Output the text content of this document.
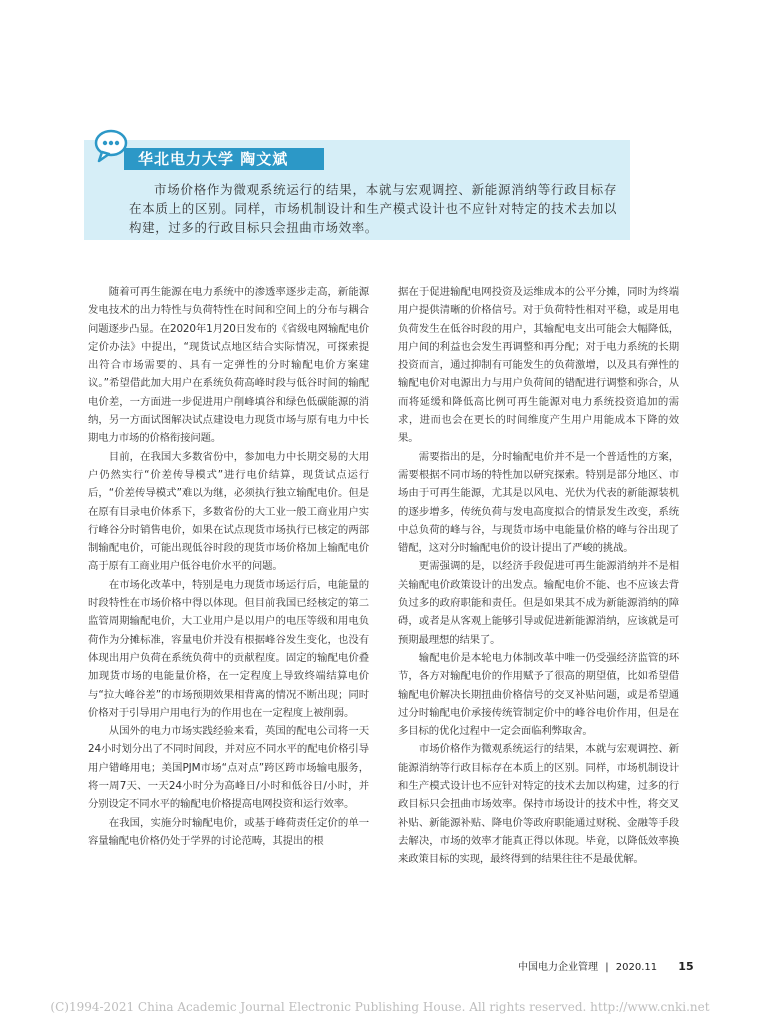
华北电力大学 陶文斌

市场价格作为微观系统运行的结果，本就与宏观调控、新能源消纳等行政目标存在本质上的区别。同样，市场机制设计和生产模式设计也不应针对特定的技术去加以构建，过多的行政目标只会扭曲市场效率。

随着可再生能源在电力系统中的渗透率逐步走高，新能源发电技术的出力特性与负荷特性在时间和空间上的分布与耦合问题逐步凸显。在2020年1月20日发布的《省级电网输配电价定价办法》中提出，“现货试点地区结合实际情况，可探索提出符合市场需要的、具有一定弹性的分时输配电价方案建议。”希望借此加大用户在系统负荷高峰时段与低谷时间的输配电价差，一方面进一步促进用户削峰填谷和绿色低碳能源的消纳，另一方面试图解决试点建设电力现货市场与原有电力中长期电力市场的价格衔接问题。

目前，在我国大多数省份中，参加电力中长期交易的大用户仍然实行“价差传导模式”进行电价结算，现货试点运行后，“价差传导模式”难以为继，必须执行独立输配电价。但是在原有目录电价体系下，多数省份的大工业一般工商业用户实行峰谷分时销售电价，如果在试点现货市场执行已核定的两部制输配电价，可能出现低谷时段的现货市场价格加上输配电价高于原有工商业用户低谷电价水平的问题。

在市场化改革中，特别是电力现货市场运行后，电能量的时段特性在市场价格中得以体现。但目前我国已经核定的第二监管周期输配电价，大工业用户是以用户的电压等级和用电负荷作为分摊标准，容量电价并没有根据峰谷发生变化，也没有体现出用户负荷在系统负荷中的贡献程度。固定的输配电价叠加现货市场的电能量价格，在一定程度上导致终端结算电价与“拉大峰谷差”的市场预期效果相背离的情况不断出现；同时价格对于引导用户用电行为的作用也在一定程度上被削弱。

从国外的电力市场实践经验来看，英国的配电公司将一天24小时划分出了不同时间段，并对应不同水平的配电价格引导用户错峰用电；美国PJM市场“点对点”跨区跨市场输电服务，将一周7天、一天24小时分为高峰日/小时和低谷日/小时，并分别设定不同水平的输配电价格提高电网投资和运行效率。

在我国，实施分时输配电价，或基于峰荷责任定价的单一容量输配电价格仍处于学界的讨论范畴，其提出的根

据在于促进输配电网投资及运维成本的公平分摊，同时为终端用户提供清晰的价格信号。对于负荷特性相对平稳，或是用电负荷发生在低谷时段的用户，其输配电支出可能会大幅降低，用户间的利益也会发生再调整和再分配；对于电力系统的长期投资而言，通过抑制有可能发生的负荷激增，以及具有弹性的输配电价对电源出力与用户负荷间的错配进行调整和弥合，从而将延缓和降低高比例可再生能源对电力系统投资追加的需求，进而也会在更长的时间维度产生用户用能成本下降的效果。

需要指出的是，分时输配电价并不是一个普适性的方案，需要根据不同市场的特性加以研究探索。特别是部分地区、市场由于可再生能源，尤其是以风电、光伏为代表的新能源装机的逐步增多，传统负荷与发电高度拟合的情景发生改变，系统中总负荷的峰与谷，与现货市场中电能量价格的峰与谷出现了错配，这对分时输配电价的设计提出了严峻的挑战。

更需强调的是，以经济手段促进可再生能源消纳并不是相关输配电价政策设计的出发点。输配电价不能、也不应该去背负过多的政府职能和责任。但是如果其不成为新能源消纳的障碍，或者是从客观上能够引导或促进新能源消纳，应该就是可预期最理想的结果了。

输配电价是本轮电力体制改革中唯一仍受强经济监管的环节，各方对输配电价的作用赋予了很高的期望值，比如希望借输配电价解决长期扭曲价格信号的交叉补贴问题，或是希望通过分时输配电价承接传统管制定价中的峰谷电价作用，但是在多目标的优化过程中一定会面临利弊取舍。

市场价格作为微观系统运行的结果，本就与宏观调控、新能源消纳等行政目标存在本质上的区别。同样，市场机制设计和生产模式设计也不应针对特定的技术去加以构建，过多的行政目标只会扭曲市场效率。保持市场设计的技术中性，将交叉补贴、新能源补贴、降电价等政府职能通过财税、金融等手段去解决，市场的效率才能真正得以体现。毕竟，以降低效率换来政策目标的实现，最终得到的结果往往不是最优解。

中国电力企业管理 | 2020.11 15
(C)1994-2021 China Academic Journal Electronic Publishing House. All rights reserved. http://www.cnki.net
